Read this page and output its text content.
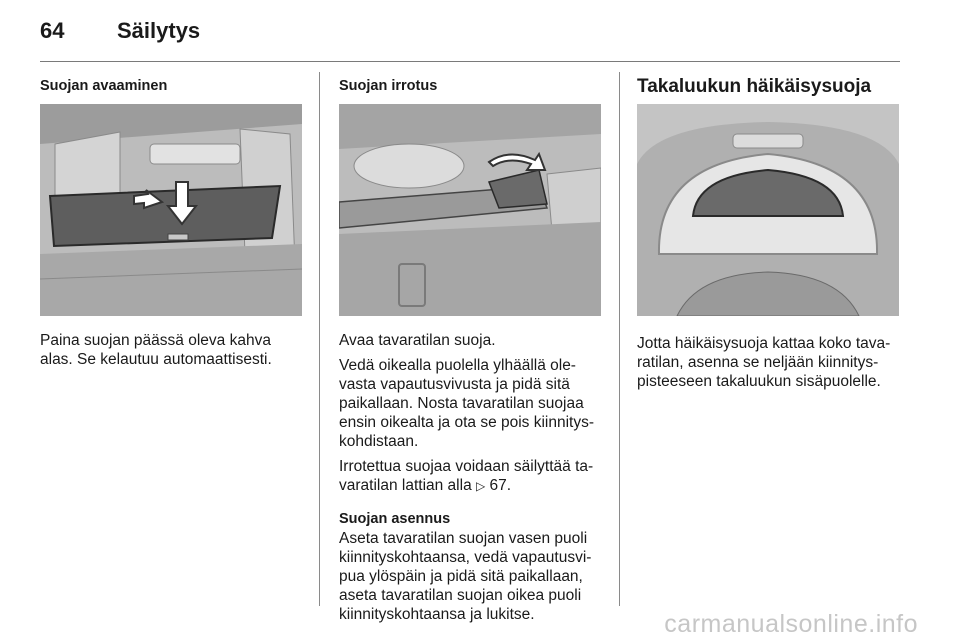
64 Säilytys
Suojan avaaminen

Paina suojan päässä oleva kahva
alas. Se kelautuu automaattisesti.

Suojan irrotus

Avaa tavaratilan suoja.

Vedä oikealla puolella ylhäällä ole-
vasta vapautusvivusta ja pidä sitä
paikallaan. Nosta tavaratilan suojaa
ensin oikealta ja ota se pois kiinnitys-
kohdistaan.

Irrotettua suojaa voidaan säilyttää ta-
varatilan lattian alla ▷ 67.

Suojan asennus

Aseta tavaratilan suojan vasen puoli
kiinnityskohtaansa, vedä vapautusvi-
pua ylöspäin ja pidä sitä paikallaan,
aseta tavaratilan suojan oikea puoli
kiinnityskohtaansa ja lukitse.

Takaluukun häikäisysuoja

Jotta häikäisysuoja kattaa koko tava-
ratilan, asenna se neljään kiinnitys-
pisteeseen takaluukun sisäpuolelle.

carmanualsonline.info
